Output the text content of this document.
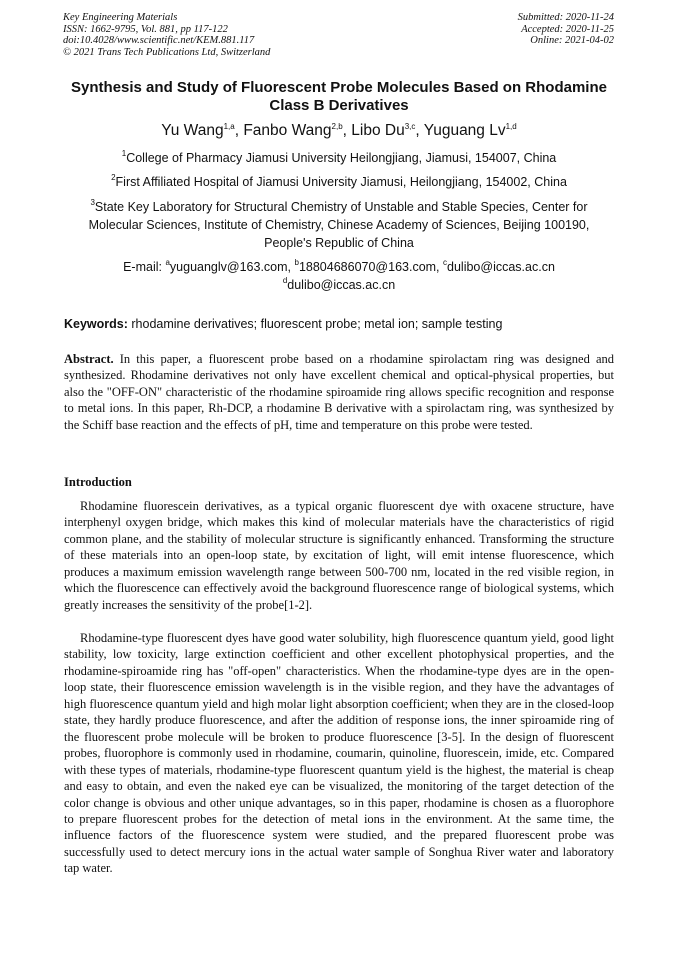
Key Engineering Materials
ISSN: 1662-9795, Vol. 881, pp 117-122
doi:10.4028/www.scientific.net/KEM.881.117
© 2021 Trans Tech Publications Ltd, Switzerland
Submitted: 2020-11-24
Accepted: 2020-11-25
Online: 2021-04-02
Synthesis and Study of Fluorescent Probe Molecules Based on Rhodamine Class B Derivatives
Yu Wang$^{1,a}$, Fanbo Wang$^{2,b}$, Libo Du$^{3,c}$, Yuguang Lv$^{1,d}$
$^1$College of Pharmacy Jiamusi University Heilongjiang, Jiamusi, 154007, China
$^2$First Affiliated Hospital of Jiamusi University Jiamusi, Heilongjiang, 154002, China
$^3$State Key Laboratory for Structural Chemistry of Unstable and Stable Species, Center for Molecular Sciences, Institute of Chemistry, Chinese Academy of Sciences, Beijing 100190, People's Republic of China
E-mail: $^a$yuguanglv@163.com, $^b$18804686070@163.com, $^c$dulibo@iccas.ac.cn
$^d$dulibo@iccas.ac.cn
Keywords: rhodamine derivatives; fluorescent probe; metal ion; sample testing
Abstract. In this paper, a fluorescent probe based on a rhodamine spirolactam ring was designed and synthesized. Rhodamine derivatives not only have excellent chemical and optical-physical properties, but also the "OFF-ON" characteristic of the rhodamine spiroamide ring allows specific recognition and response to metal ions. In this paper, Rh-DCP, a rhodamine B derivative with a spirolactam ring, was synthesized by the Schiff base reaction and the effects of pH, time and temperature on this probe were tested.
Introduction
Rhodamine fluorescein derivatives, as a typical organic fluorescent dye with oxacene structure, have interphenyl oxygen bridge, which makes this kind of molecular materials have the characteristics of rigid common plane, and the stability of molecular structure is significantly enhanced. Transforming the structure of these materials into an open-loop state, by excitation of light, will emit intense fluorescence, which produces a maximum emission wavelength range between 500-700 nm, located in the red visible region, in which the fluorescence can effectively avoid the background fluorescence range of biological systems, which greatly increases the sensitivity of the probe[1-2].
Rhodamine-type fluorescent dyes have good water solubility, high fluorescence quantum yield, good light stability, low toxicity, large extinction coefficient and other excellent photophysical properties, and the rhodamine-spiroamide ring has "off-open" characteristics. When the rhodamine-type dyes are in the open-loop state, their fluorescence emission wavelength is in the visible region, and they have the advantages of high fluorescence quantum yield and high molar light absorption coefficient; when they are in the closed-loop state, they hardly produce fluorescence, and after the addition of response ions, the inner spiroamide ring of the fluorescent probe molecule will be broken to produce fluorescence [3-5]. In the design of fluorescent probes, fluorophore is commonly used in rhodamine, coumarin, quinoline, fluorescein, imide, etc. Compared with these types of materials, rhodamine-type fluorescent quantum yield is the highest, the material is cheap and easy to obtain, and even the naked eye can be visualized, the monitoring of the target detection of the color change is obvious and other unique advantages, so in this paper, rhodamine is chosen as a fluorophore to prepare fluorescent probes for the detection of metal ions in the environment. At the same time, the influence factors of the fluorescence system were studied, and the prepared fluorescent probe was successfully used to detect mercury ions in the actual water sample of Songhua River water and laboratory tap water.
